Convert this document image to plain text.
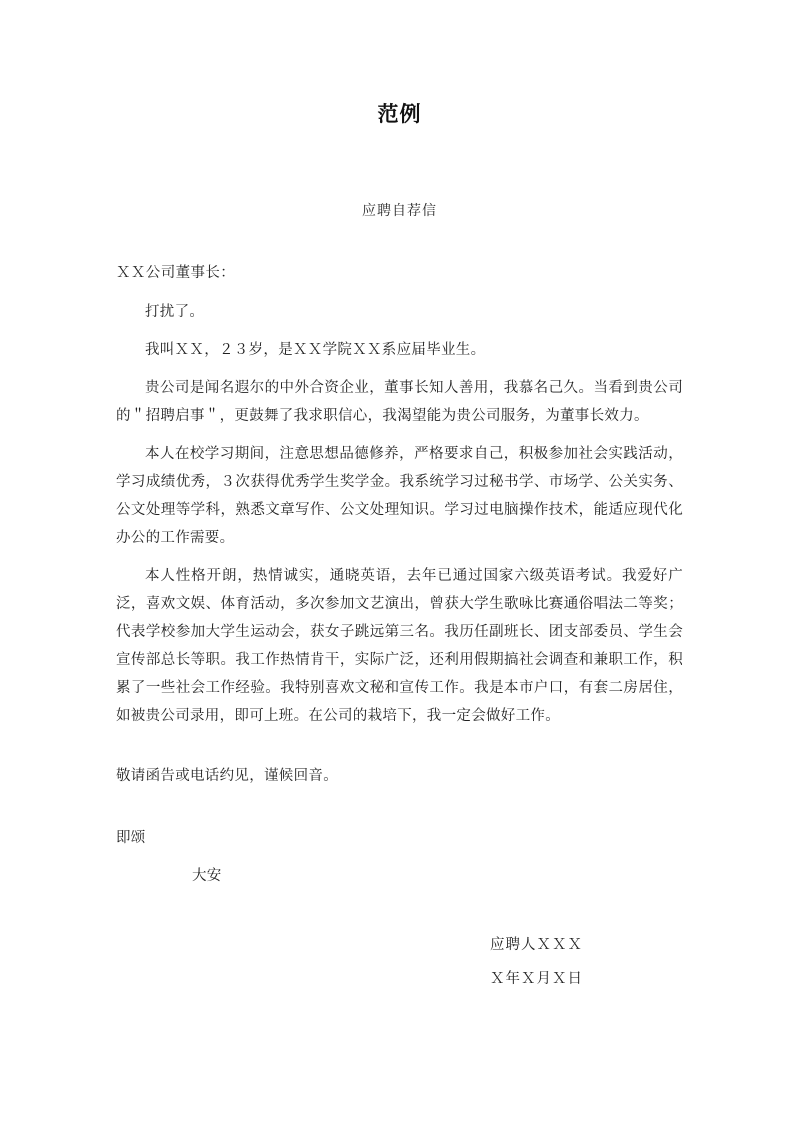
范例
应聘自荐信
ＸＸ公司董事长：

打扰了。

我叫ＸＸ，２３岁，是ＸＸ学院ＸＸ系应届毕业生。

贵公司是闻名遐尔的中外合资企业，董事长知人善用，我慕名己久。当看到贵公司的＂招聘启事＂，更鼓舞了我求职信心，我渴望能为贵公司服务，为董事长效力。

本人在校学习期间，注意思想品德修养，严格要求自己，积极参加社会实践活动，学习成绩优秀，３次获得优秀学生奖学金。我系统学习过秘书学、市场学、公关实务、公文处理等学科，熟悉文章写作、公文处理知识。学习过电脑操作技术，能适应现代化办公的工作需要。

本人性格开朗，热情诚实，通晓英语，去年已通过国家六级英语考试。我爱好广泛，喜欢文娱、体育活动，多次参加文艺演出，曾获大学生歌咏比赛通俗唱法二等奖；代表学校参加大学生运动会，获女子跳远第三名。我历任副班长、团支部委员、学生会宣传部总长等职。我工作热情肯干，实际广泛，还利用假期搞社会调查和兼职工作，积累了一些社会工作经验。我特别喜欢文秘和宣传工作。我是本市户口，有套二房居住，如被贵公司录用，即可上班。在公司的栽培下，我一定会做好工作。

敬请函告或电话约见，谨候回音。

即颂

大安

应聘人ＸＸＸ

Ｘ年Ｘ月Ｘ日
